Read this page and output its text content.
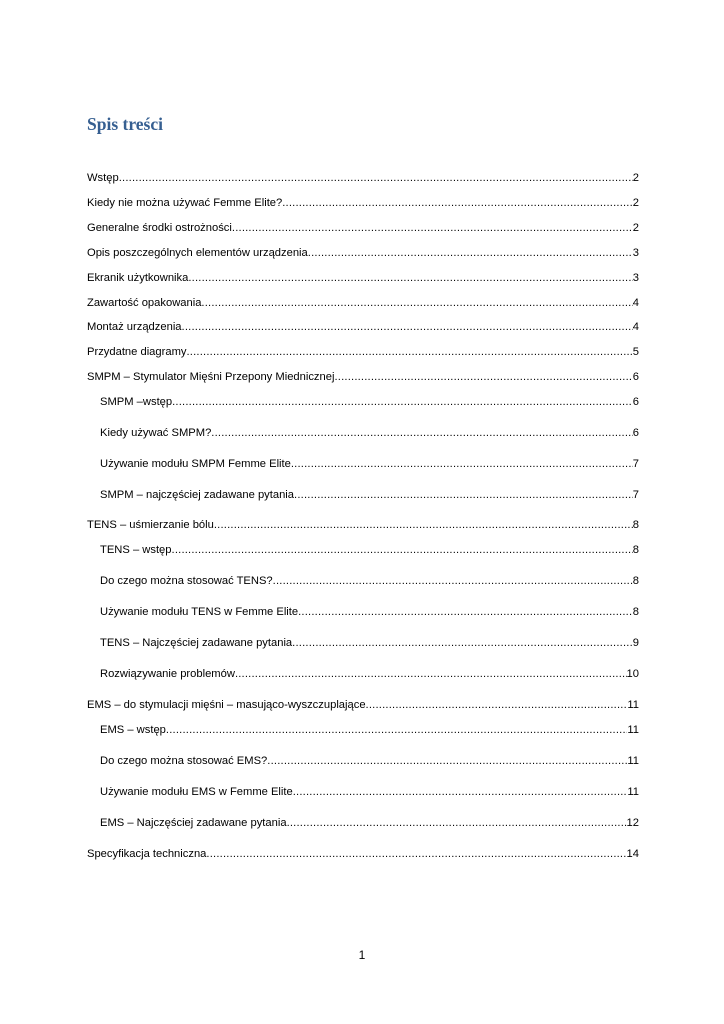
Spis treści
Wstęp .....	2
Kiedy nie można używać Femme Elite? .....	2
Generalne środki ostrożności .....	2
Opis poszczególnych elementów urządzenia .....	3
Ekranik użytkownika .....	3
Zawartość opakowania .....	4
Montaż urządzenia .....	4
Przydatne diagramy .....	5
SMPM – Stymulator Mięśni Przepony Miednicznej .....	6
SMPM –wstęp .....	6
Kiedy używać SMPM? .....	6
Używanie modułu SMPM Femme Elite .....	7
SMPM – najczęściej zadawane pytania .....	7
TENS – uśmierzanie bólu .....	8
TENS – wstęp .....	8
Do czego można stosować TENS? .....	8
Używanie modułu TENS w Femme Elite .....	8
TENS – Najczęściej zadawane pytania .....	9
Rozwiązywanie problemów .....	10
EMS – do stymulacji mięśni – masująco-wyszczuplające .....	11
EMS – wstęp .....	11
Do czego można stosować EMS? .....	11
Używanie modułu EMS w Femme Elite .....	11
EMS – Najczęściej zadawane pytania .....	12
Specyfikacja techniczna .....	14
1
